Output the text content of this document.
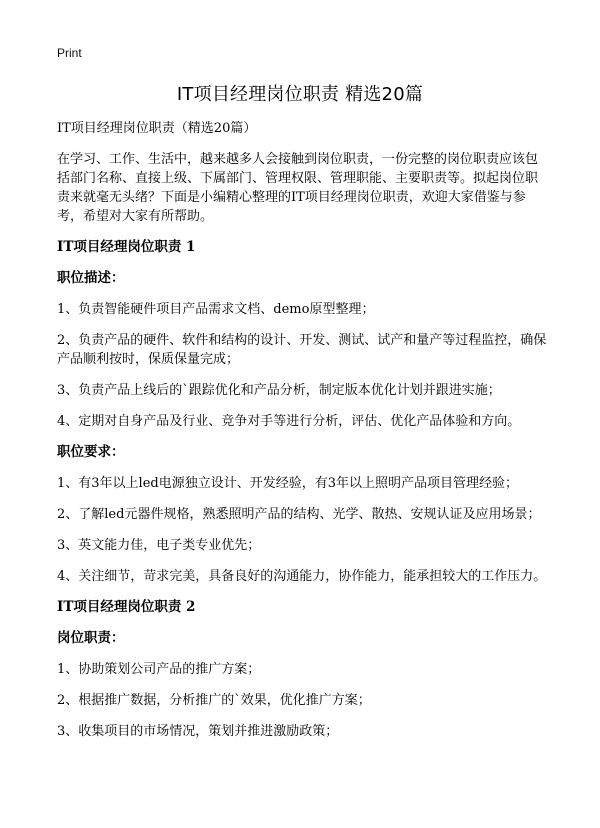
Print
IT项目经理岗位职责 精选20篇

IT项目经理岗位职责（精选20篇）

在学习、工作、生活中，越来越多人会接触到岗位职责，一份完整的岗位职责应该包括部门名称、直接上级、下属部门、管理权限、管理职能、主要职责等。拟起岗位职责来就毫无头绪？下面是小编精心整理的IT项目经理岗位职责，欢迎大家借鉴与参考，希望对大家有所帮助。

IT项目经理岗位职责 1

职位描述：

1、负责智能硬件项目产品需求文档、demo原型整理；

2、负责产品的硬件、软件和结构的设计、开发、测试、试产和量产等过程监控，确保产品顺利按时，保质保量完成；

3、负责产品上线后的`跟踪优化和产品分析，制定版本优化计划并跟进实施；

4、定期对自身产品及行业、竞争对手等进行分析，评估、优化产品体验和方向。

职位要求：

1、有3年以上led电源独立设计、开发经验，有3年以上照明产品项目管理经验；

2、了解led元器件规格，熟悉照明产品的结构、光学、散热、安规认证及应用场景；

3、英文能力佳，电子类专业优先；

4、关注细节，苛求完美，具备良好的沟通能力，协作能力，能承担较大的工作压力。

IT项目经理岗位职责 2

岗位职责：

1、协助策划公司产品的推广方案；

2、根据推广数据，分析推广的`效果，优化推广方案；

3、收集项目的市场情况，策划并推进激励政策；
